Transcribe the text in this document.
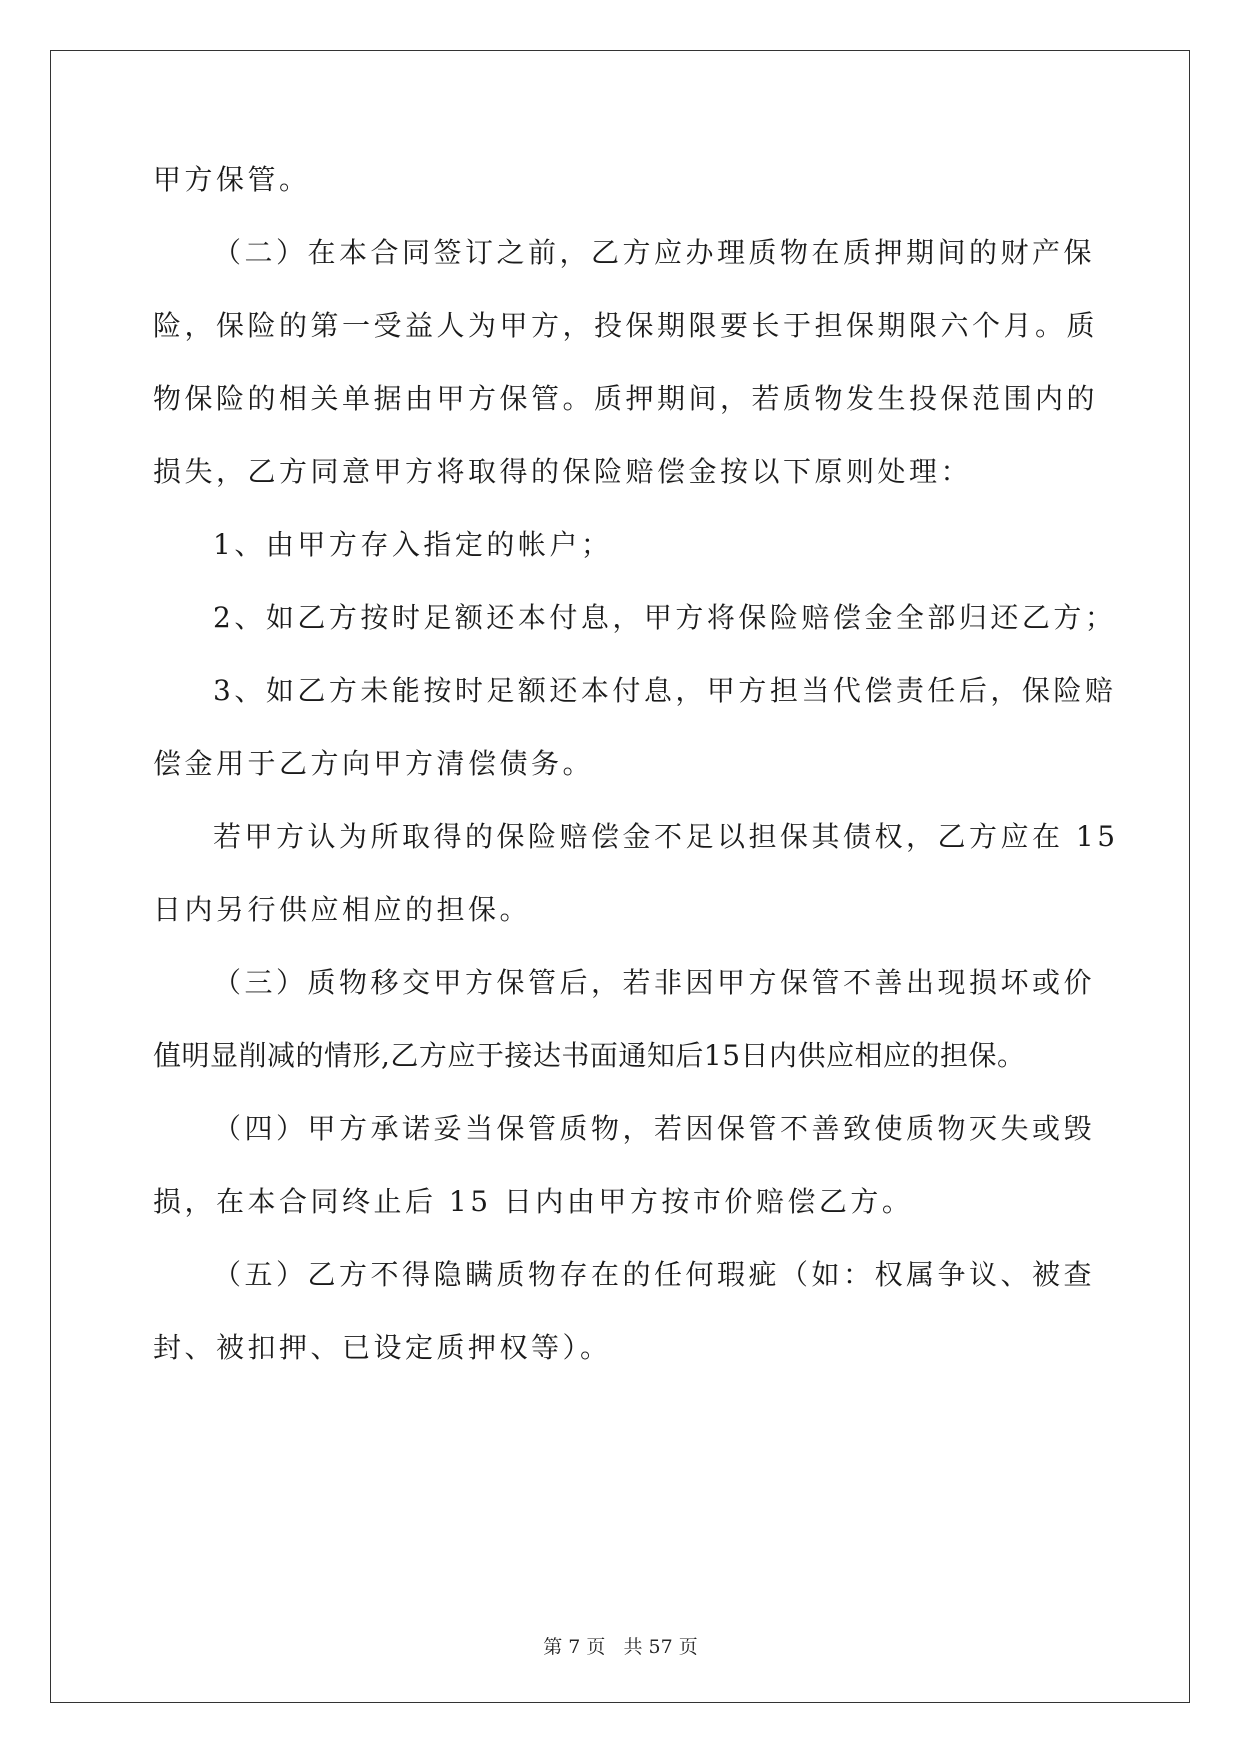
甲方保管。
（二）在本合同签订之前，乙方应办理质物在质押期间的财产保
险，保险的第一受益人为甲方，投保期限要长于担保期限六个月。质
物保险的相关单据由甲方保管。质押期间，若质物发生投保范围内的
损失，乙方同意甲方将取得的保险赔偿金按以下原则处理：
1、由甲方存入指定的帐户；
2、如乙方按时足额还本付息，甲方将保险赔偿金全部归还乙方；
3、如乙方未能按时足额还本付息，甲方担当代偿责任后，保险赔
偿金用于乙方向甲方清偿债务。
若甲方认为所取得的保险赔偿金不足以担保其债权，乙方应在 15
日内另行供应相应的担保。
（三）质物移交甲方保管后，若非因甲方保管不善出现损坏或价
值明显削减的情形,乙方应于接达书面通知后15日内供应相应的担保。
（四）甲方承诺妥当保管质物，若因保管不善致使质物灭失或毁
损，在本合同终止后 15 日内由甲方按市价赔偿乙方。
（五）乙方不得隐瞒质物存在的任何瑕疵（如：权属争议、被查
封、被扣押、已设定质押权等）。
第 7 页 共 57 页
